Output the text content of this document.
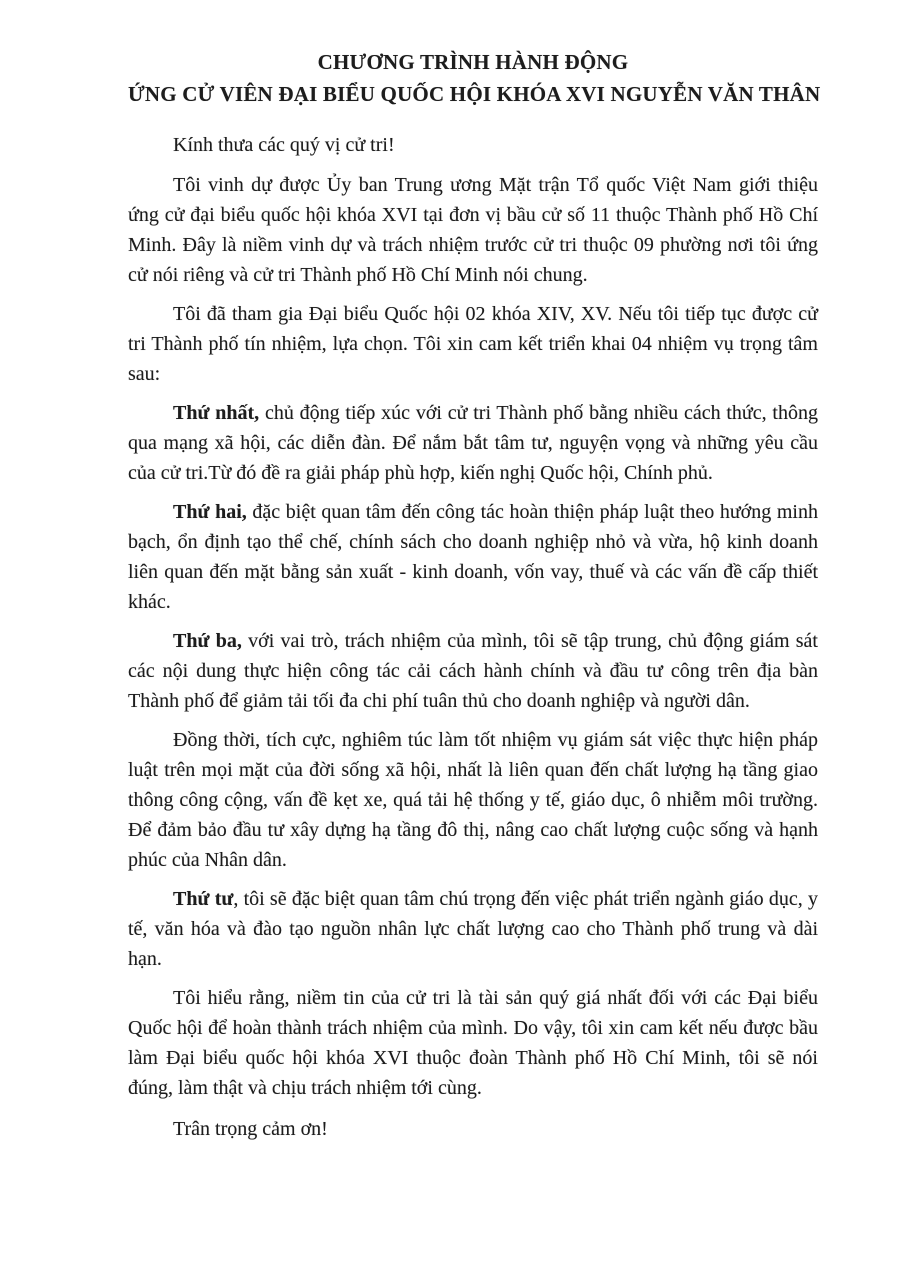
CHƯƠNG TRÌNH HÀNH ĐỘNG
ỨNG CỬ VIÊN ĐẠI BIỂU QUỐC HỘI KHÓA XVI NGUYỄN VĂN THÂN

Kính thưa các quý vị cử tri!

Tôi vinh dự được Ủy ban Trung ương Mặt trận Tổ quốc Việt Nam giới thiệu ứng cử đại biểu quốc hội khóa XVI tại đơn vị bầu cử số 11 thuộc Thành phố Hồ Chí Minh. Đây là niềm vinh dự và trách nhiệm trước cử tri thuộc 09 phường nơi tôi ứng cử nói riêng và cử tri Thành phố Hồ Chí Minh nói chung.

Tôi đã tham gia Đại biểu Quốc hội 02 khóa XIV, XV. Nếu tôi tiếp tục được cử tri Thành phố tín nhiệm, lựa chọn. Tôi xin cam kết triển khai 04 nhiệm vụ trọng tâm sau:

Thứ nhất, chủ động tiếp xúc với cử tri Thành phố bằng nhiều cách thức, thông qua mạng xã hội, các diễn đàn. Để nắm bắt tâm tư, nguyện vọng và những yêu cầu của cử tri.Từ đó đề ra giải pháp phù hợp, kiến nghị Quốc hội, Chính phủ.

Thứ hai, đặc biệt quan tâm đến công tác hoàn thiện pháp luật theo hướng minh bạch, ổn định tạo thể chế, chính sách cho doanh nghiệp nhỏ và vừa, hộ kinh doanh liên quan đến mặt bằng sản xuất - kinh doanh, vốn vay, thuế và các vấn đề cấp thiết khác.

Thứ ba, với vai trò, trách nhiệm của mình, tôi sẽ tập trung, chủ động giám sát các nội dung thực hiện công tác cải cách hành chính và đầu tư công trên địa bàn Thành phố để giảm tải tối đa chi phí tuân thủ cho doanh nghiệp và người dân.

Đồng thời, tích cực, nghiêm túc làm tốt nhiệm vụ giám sát việc thực hiện pháp luật trên mọi mặt của đời sống xã hội, nhất là liên quan đến chất lượng hạ tầng giao thông công cộng, vấn đề kẹt xe, quá tải hệ thống y tế, giáo dục, ô nhiễm môi trường. Để đảm bảo đầu tư xây dựng hạ tầng đô thị, nâng cao chất lượng cuộc sống và hạnh phúc của Nhân dân.

Thứ tư, tôi sẽ đặc biệt quan tâm chú trọng đến việc phát triển ngành giáo dục, y tế, văn hóa và đào tạo nguồn nhân lực chất lượng cao cho Thành phố trung và dài hạn.

Tôi hiểu rằng, niềm tin của cử tri là tài sản quý giá nhất đối với các Đại biểu Quốc hội để hoàn thành trách nhiệm của mình. Do vậy, tôi xin cam kết nếu được bầu làm Đại biểu quốc hội khóa XVI thuộc đoàn Thành phố Hồ Chí Minh, tôi sẽ nói đúng, làm thật và chịu trách nhiệm tới cùng.

Trân trọng cảm ơn!
